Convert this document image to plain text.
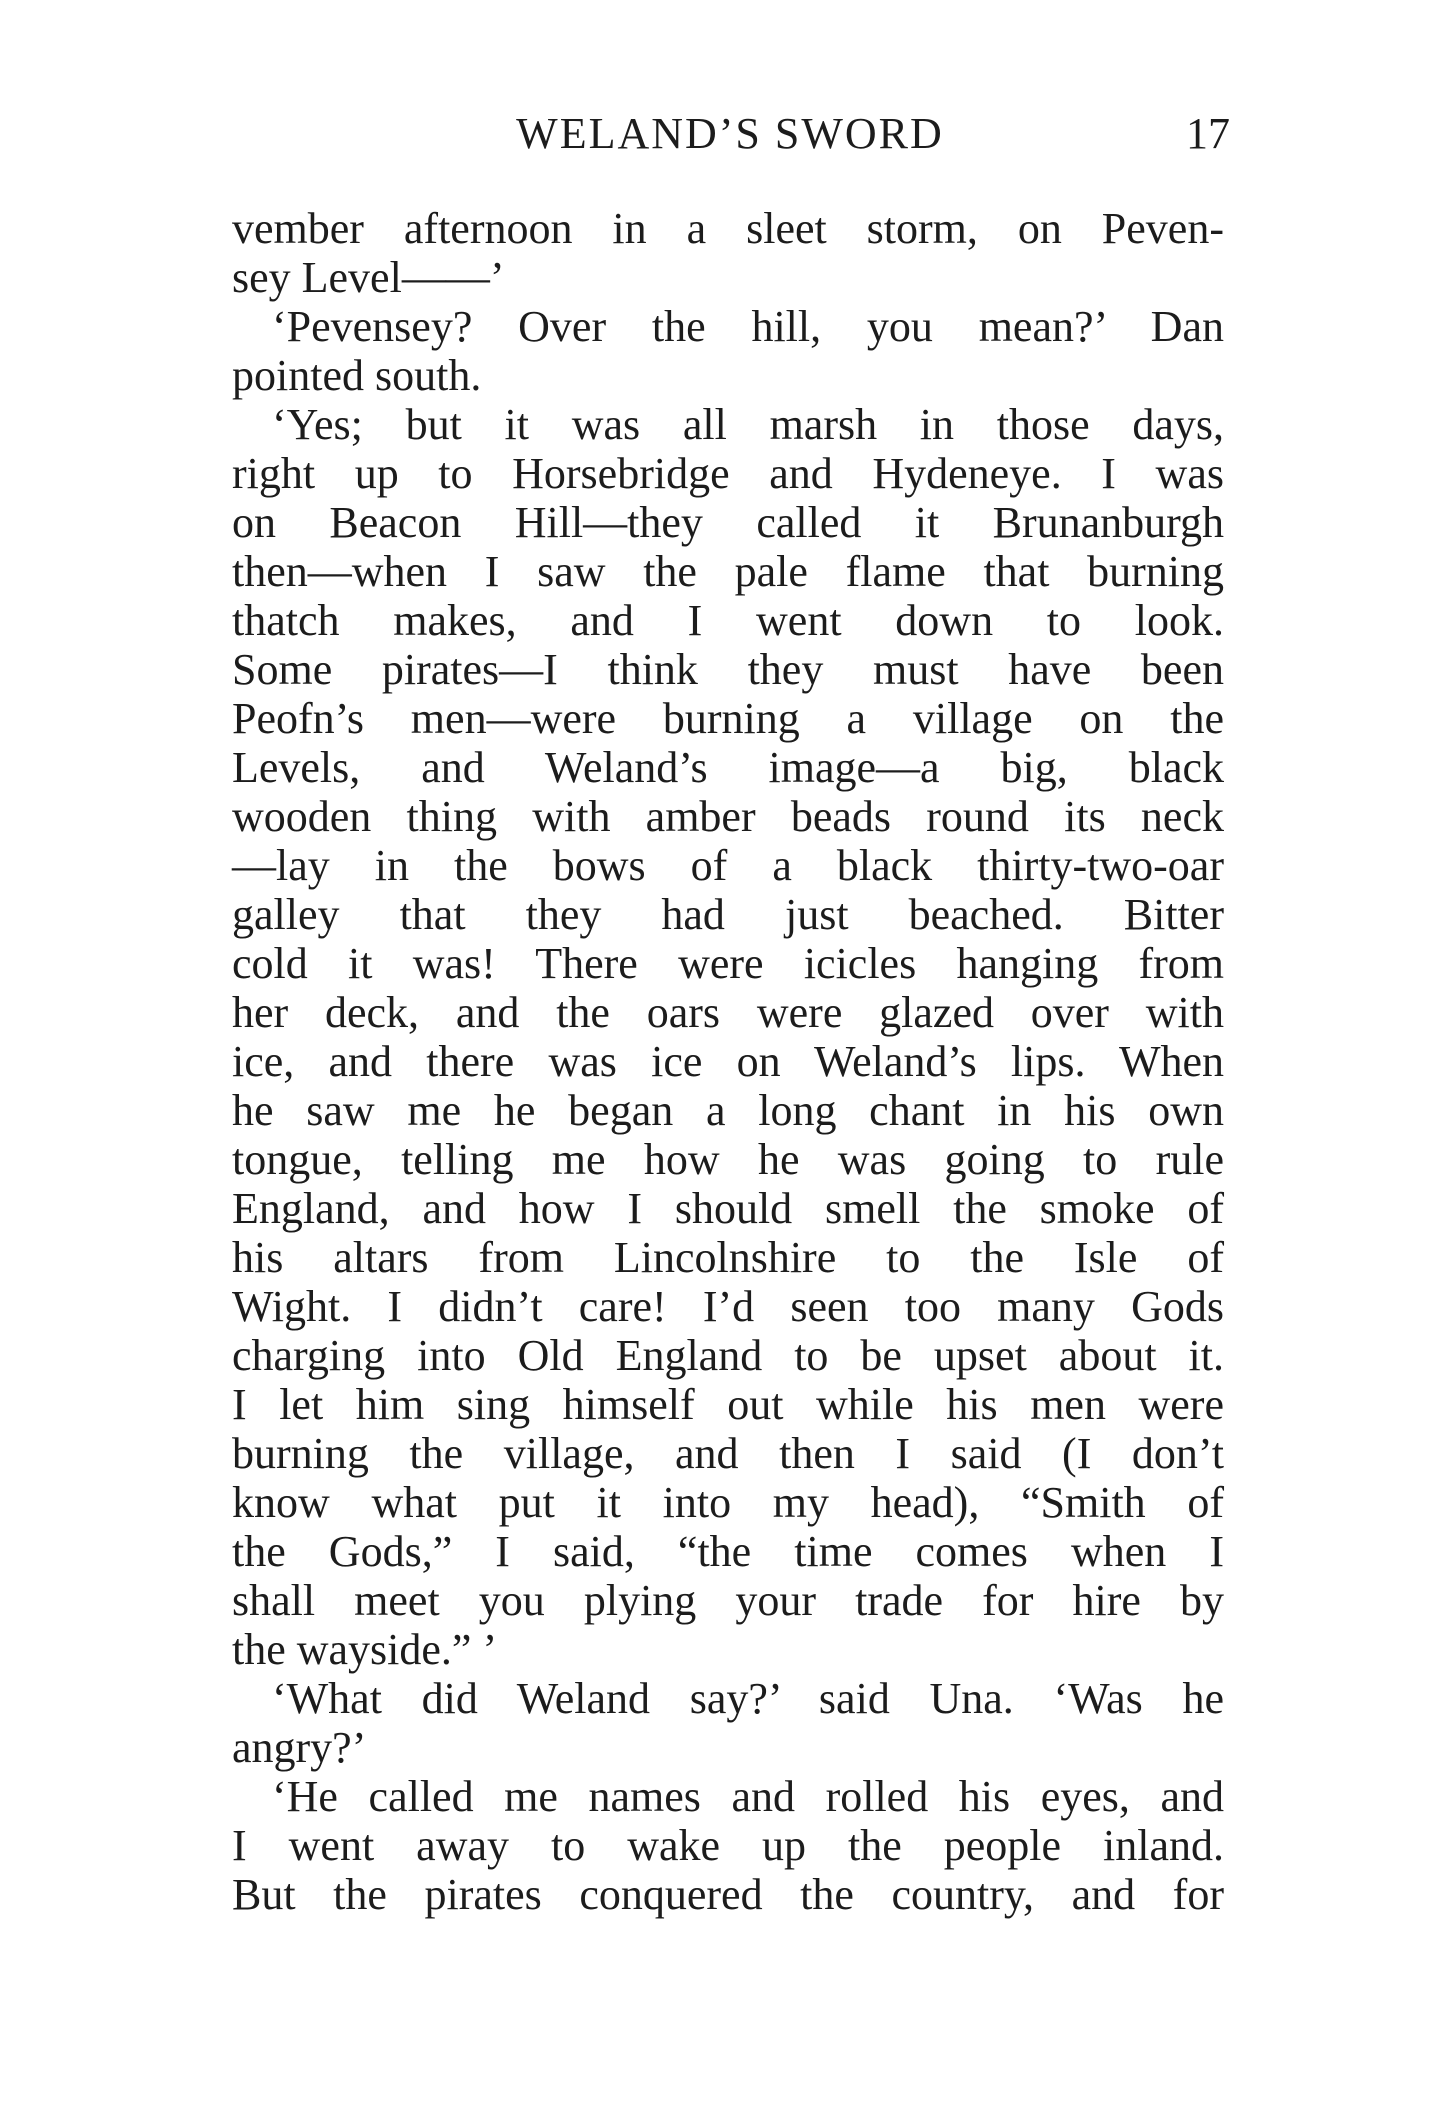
WELAND’S SWORD	17
vember afternoon in a sleet storm, on Peven-
sey Level——’
‘Pevensey? Over the hill, you mean?’ Dan
pointed south.
‘Yes; but it was all marsh in those days,
right up to Horsebridge and Hydeneye. I was
on Beacon Hill—they called it Brunanburgh
then—when I saw the pale flame that burning
thatch makes, and I went down to look.
Some pirates—I think they must have been
Peofn’s men—were burning a village on the
Levels, and Weland’s image—a big, black
wooden thing with amber beads round its neck
—lay in the bows of a black thirty-two-oar
galley that they had just beached. Bitter
cold it was! There were icicles hanging from
her deck, and the oars were glazed over with
ice, and there was ice on Weland’s lips. When
he saw me he began a long chant in his own
tongue, telling me how he was going to rule
England, and how I should smell the smoke of
his altars from Lincolnshire to the Isle of
Wight. I didn’t care! I’d seen too many Gods
charging into Old England to be upset about it.
I let him sing himself out while his men were
burning the village, and then I said (I don’t
know what put it into my head), “Smith of
the Gods,” I said, “the time comes when I
shall meet you plying your trade for hire by
the wayside.” ’
‘What did Weland say?’ said Una. ‘Was he
angry?’
‘He called me names and rolled his eyes, and
I went away to wake up the people inland.
But the pirates conquered the country, and for
